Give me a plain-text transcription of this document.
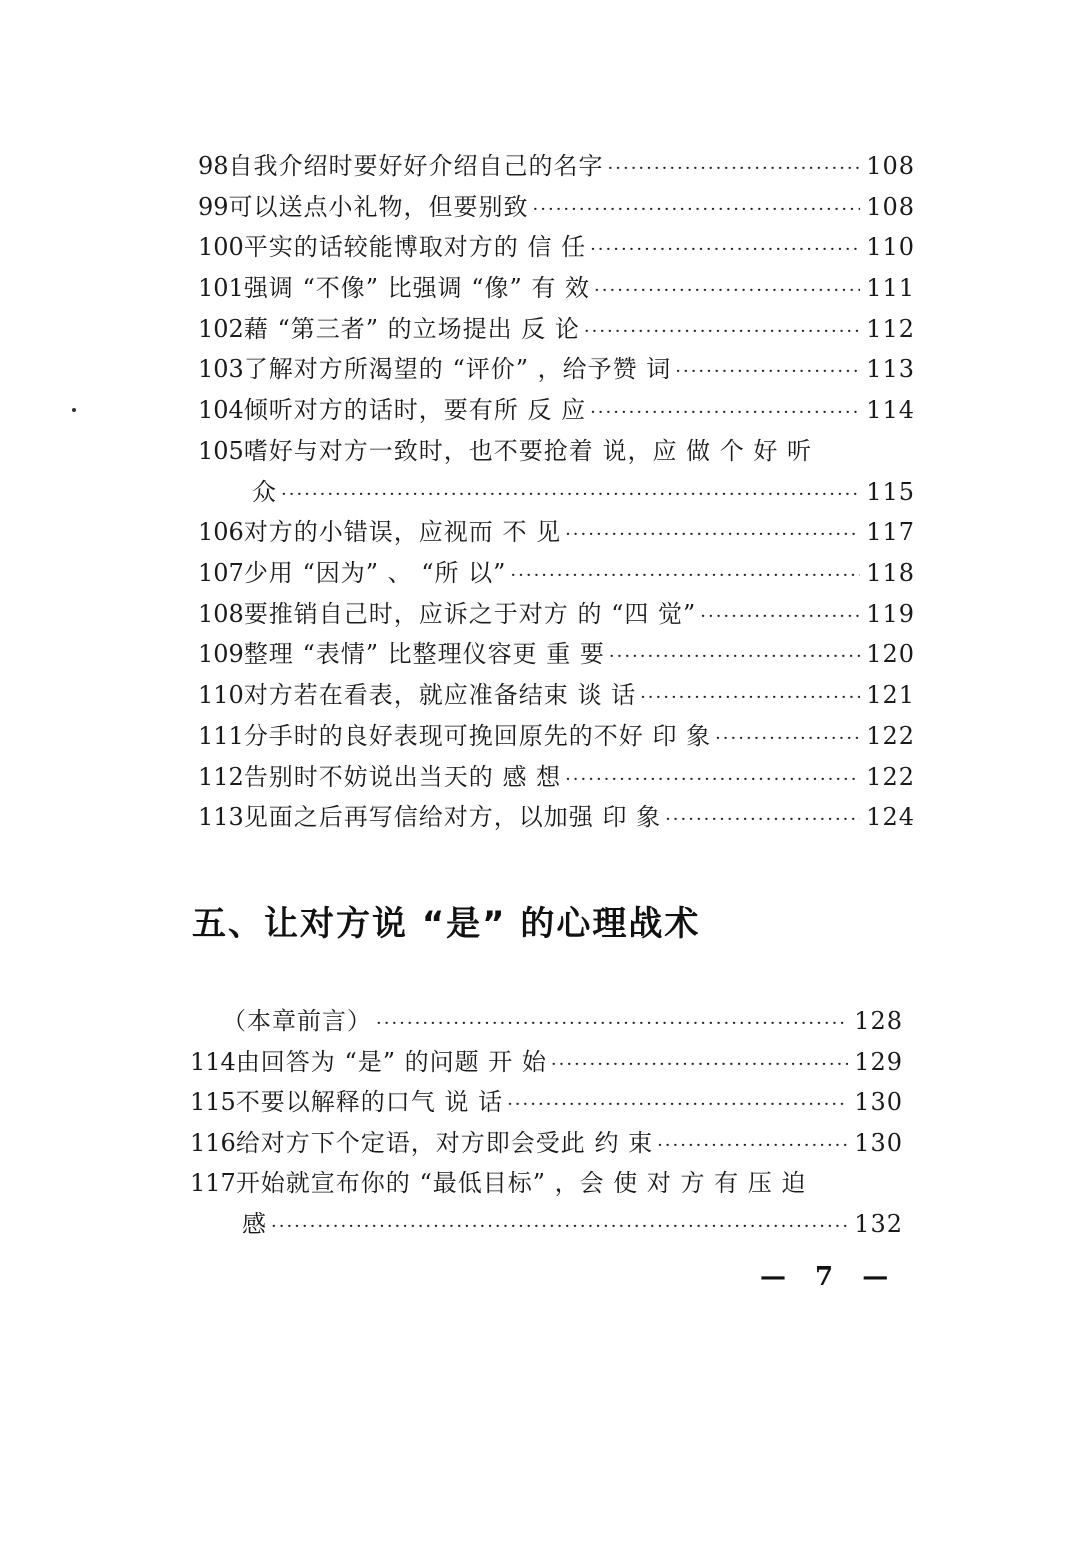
98 自我介绍时要好好介绍自己的名字 ·····	108
99 可以送点小礼物，但要别致 ·····	108
100 平实的话较能博取对方的 信 任 ·····	110
101 强调 “不像” 比强调 “像” 有 效 ·····	111
102 藉 “第三者” 的立场提出 反 论 ·····	112
103 了解对方所渴望的 “评价” ，给予赞 词 ·····	113
104 倾听对方的话时，要有所 反 应 ·····	114
105 嗜好与对方一致时，也不要抢着 说，应 做 个 好 听
众 ·····	115
106 对方的小错误，应视而 不 见 ·····	117
107 少用 “因为” 、 “所 以” ·····	118
108 要推销自己时，应诉之于对方 的 “四 觉” ·····	119
109 整理 “表情” 比整理仪容更 重 要 ·····	120
110 对方若在看表，就应准备结束 谈 话 ·····	121
111 分手时的良好表现可挽回原先的不好 印 象 ·····	122
112 告别时不妨说出当天的 感 想 ·····	122
113 见面之后再写信给对方，以加强 印 象 ·····	124
（本章前言） ·····	128
114 由回答为 “是” 的问题 开 始 ·····	129
115 不要以解释的口气 说 话 ·····	130
116 给对方下个定语，对方即会受此 约 束 ·····	130
117 开始就宣布你的 “最低目标” ，会 使 对 方 有 压 迫
感 ·····	132
五、让对方说 “是” 的心理战术
— 7 —
